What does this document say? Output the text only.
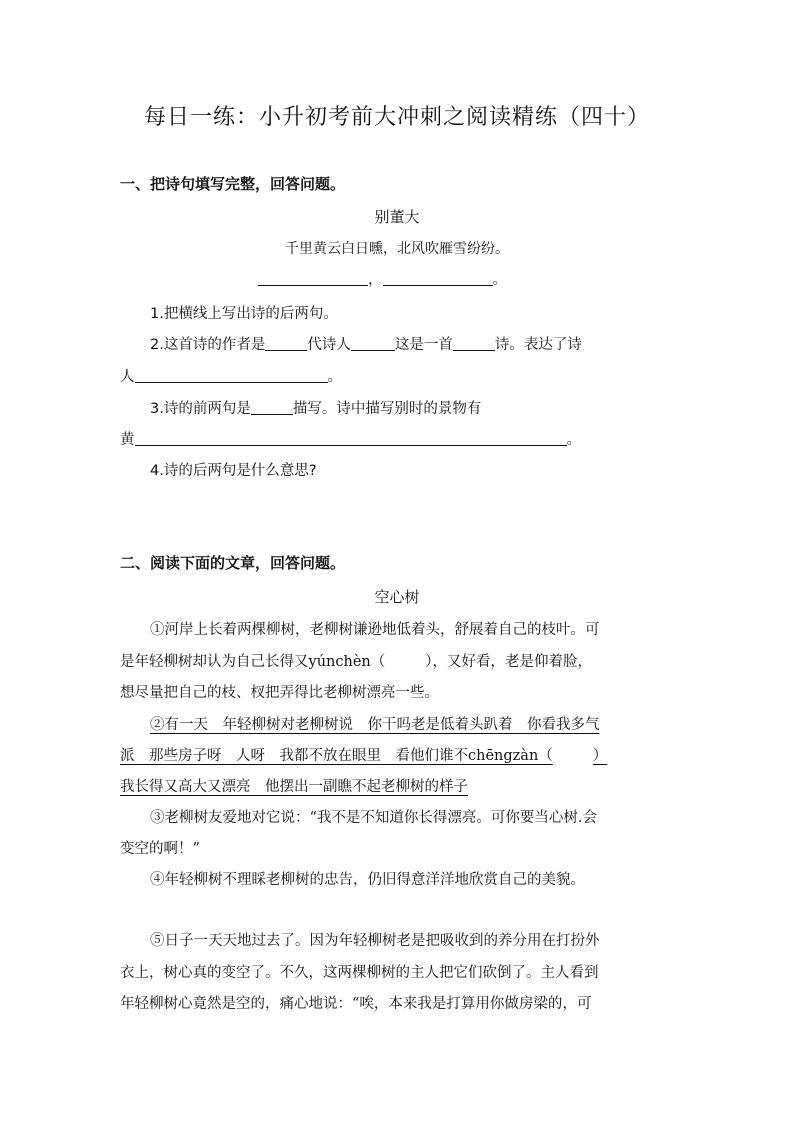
每日一练：小升初考前大冲刺之阅读精练（四十）
一、把诗句填写完整，回答问题。
别董大
千里黄云白日曛，北风吹雁雪纷纷。
，	。
1.把横线上写出诗的后两句。
2.这首诗的作者是	代诗人	这是一首	诗。表达了诗
人	。
3.诗的前两句是	描写。诗中描写别时的景物有
黄	。
4.诗的后两句是什么意思?
二、阅读下面的文章，回答问题。
空心树
①河岸上长着两棵柳树，老柳树谦逊地低着头，舒展着自己的枝叶。可
是年轻柳树却认为自己长得又yúnchèn（	），又好看，老是仰着脸，
想尽量把自己的枝、杈把弄得比老柳树漂亮一些。
②有一天　年轻柳树对老柳树说　你干吗老是低着头趴着　你看我多气
派　那些房子呀　人呀　我都不放在眼里　看他们谁不chēngzàn（	）
我长得又高大又漂亮　他摆出一副瞧不起老柳树的样子
③老柳树友爱地对它说：“我不是不知道你长得漂亮。可你要当心树.会
变空的啊！”
④年轻柳树不理睬老柳树的忠告，仍旧得意洋洋地欣赏自己的美貌。
⑤日子一天天地过去了。因为年轻柳树老是把吸收到的养分用在打扮外
衣上，树心真的变空了。不久，这两棵柳树的主人把它们砍倒了。主人看到
年轻柳树心竟然是空的，痛心地说：“唉，本来我是打算用你做房梁的，可
